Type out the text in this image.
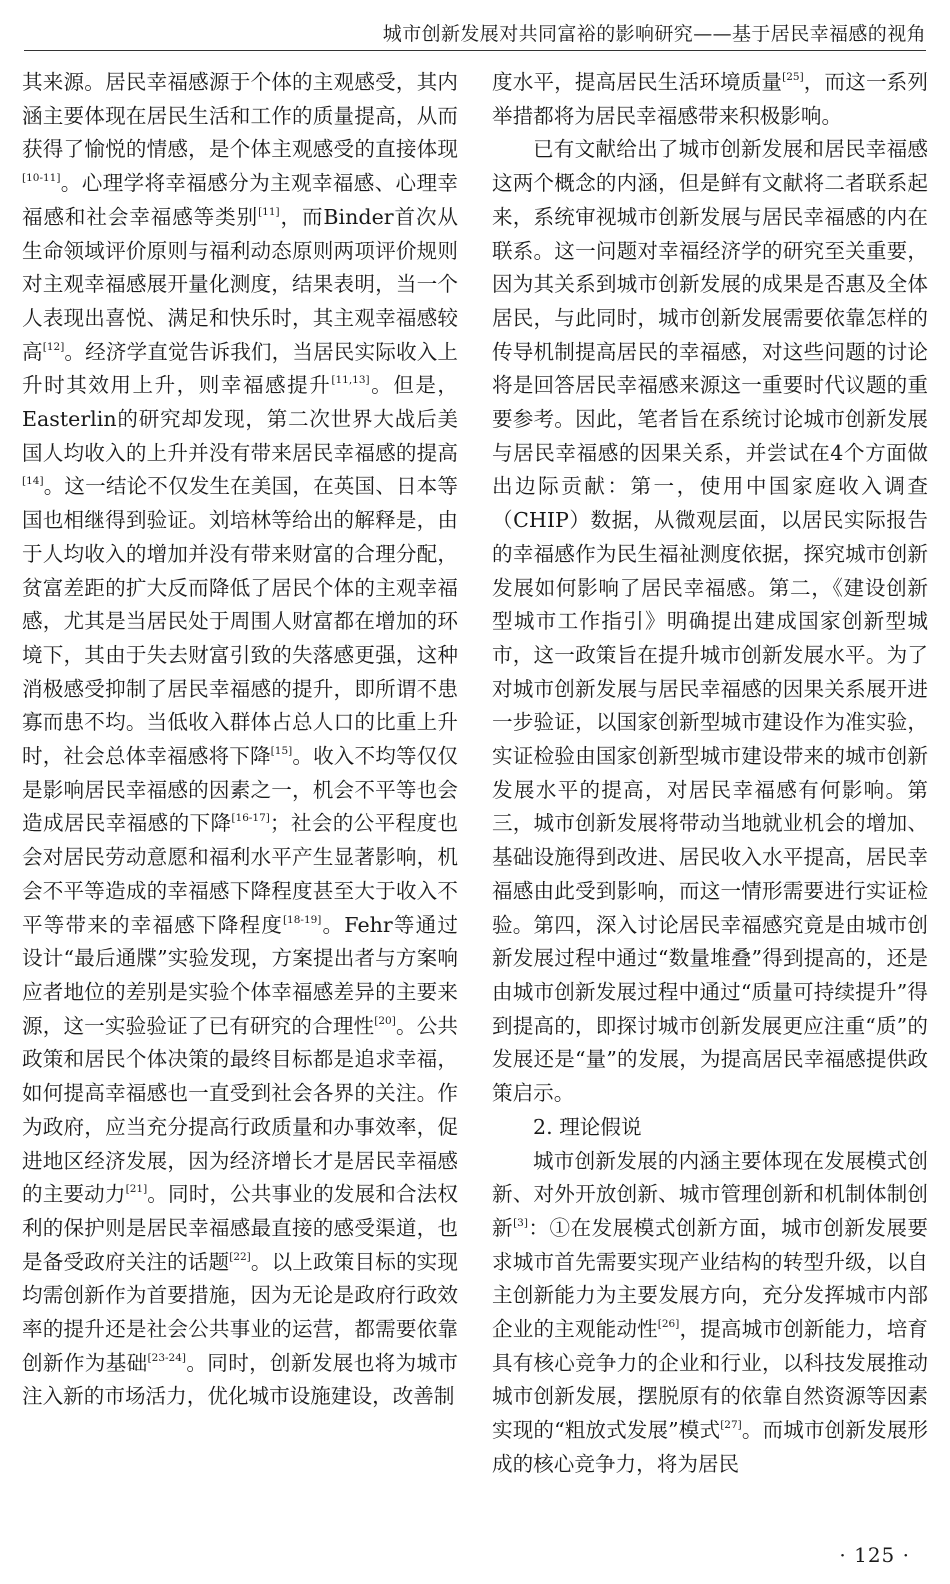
城市创新发展对共同富裕的影响研究——基于居民幸福感的视角

其来源。居民幸福感源于个体的主观感受，其内涵主要体现在居民生活和工作的质量提高，从而获得了愉悦的情感，是个体主观感受的直接体现[10-11]。心理学将幸福感分为主观幸福感、心理幸福感和社会幸福感等类别[11]，而Binder首次从生命领域评价原则与福利动态原则两项评价规则对主观幸福感展开量化测度，结果表明，当一个人表现出喜悦、满足和快乐时，其主观幸福感较高[12]。经济学直觉告诉我们，当居民实际收入上升时其效用上升，则幸福感提升[11,13]。但是，Easterlin的研究却发现，第二次世界大战后美国人均收入的上升并没有带来居民幸福感的提高[14]。这一结论不仅发生在美国，在英国、日本等国也相继得到验证。刘培林等给出的解释是，由于人均收入的增加并没有带来财富的合理分配，贫富差距的扩大反而降低了居民个体的主观幸福感，尤其是当居民处于周围人财富都在增加的环境下，其由于失去财富引致的失落感更强，这种消极感受抑制了居民幸福感的提升，即所谓不患寡而患不均。当低收入群体占总人口的比重上升时，社会总体幸福感将下降[15]。收入不均等仅仅是影响居民幸福感的因素之一，机会不平等也会造成居民幸福感的下降[16-17]；社会的公平程度也会对居民劳动意愿和福利水平产生显著影响，机会不平等造成的幸福感下降程度甚至大于收入不平等带来的幸福感下降程度[18-19]。Fehr等通过设计“最后通牒”实验发现，方案提出者与方案响应者地位的差别是实验个体幸福感差异的主要来源，这一实验验证了已有研究的合理性[20]。公共政策和居民个体决策的最终目标都是追求幸福，如何提高幸福感也一直受到社会各界的关注。作为政府，应当充分提高行政质量和办事效率，促进地区经济发展，因为经济增长才是居民幸福感的主要动力[21]。同时，公共事业的发展和合法权利的保护则是居民幸福感最直接的感受渠道，也是备受政府关注的话题[22]。以上政策目标的实现均需创新作为首要措施，因为无论是政府行政效率的提升还是社会公共事业的运营，都需要依靠创新作为基础[23-24]。同时，创新发展也将为城市注入新的市场活力，优化城市设施建设，改善制

度水平，提高居民生活环境质量[25]，而这一系列举措都将为居民幸福感带来积极影响。

已有文献给出了城市创新发展和居民幸福感这两个概念的内涵，但是鲜有文献将二者联系起来，系统审视城市创新发展与居民幸福感的内在联系。这一问题对幸福经济学的研究至关重要，因为其关系到城市创新发展的成果是否惠及全体居民，与此同时，城市创新发展需要依靠怎样的传导机制提高居民的幸福感，对这些问题的讨论将是回答居民幸福感来源这一重要时代议题的重要参考。因此，笔者旨在系统讨论城市创新发展与居民幸福感的因果关系，并尝试在4个方面做出边际贡献：第一，使用中国家庭收入调查（CHIP）数据，从微观层面，以居民实际报告的幸福感作为民生福祉测度依据，探究城市创新发展如何影响了居民幸福感。第二，《建设创新型城市工作指引》明确提出建成国家创新型城市，这一政策旨在提升城市创新发展水平。为了对城市创新发展与居民幸福感的因果关系展开进一步验证，以国家创新型城市建设作为准实验，实证检验由国家创新型城市建设带来的城市创新发展水平的提高，对居民幸福感有何影响。第三，城市创新发展将带动当地就业机会的增加、基础设施得到改进、居民收入水平提高，居民幸福感由此受到影响，而这一情形需要进行实证检验。第四，深入讨论居民幸福感究竟是由城市创新发展过程中通过“数量堆叠”得到提高的，还是由城市创新发展过程中通过“质量可持续提升”得到提高的，即探讨城市创新发展更应注重“质”的发展还是“量”的发展，为提高居民幸福感提供政策启示。

2. 理论假说

城市创新发展的内涵主要体现在发展模式创新、对外开放创新、城市管理创新和机制体制创新[3]：①在发展模式创新方面，城市创新发展要求城市首先需要实现产业结构的转型升级，以自主创新能力为主要发展方向，充分发挥城市内部企业的主观能动性[26]，提高城市创新能力，培育具有核心竞争力的企业和行业，以科技发展推动城市创新发展，摆脱原有的依靠自然资源等因素实现的“粗放式发展”模式[27]。而城市创新发展形成的核心竞争力，将为居民

· 125 ·
